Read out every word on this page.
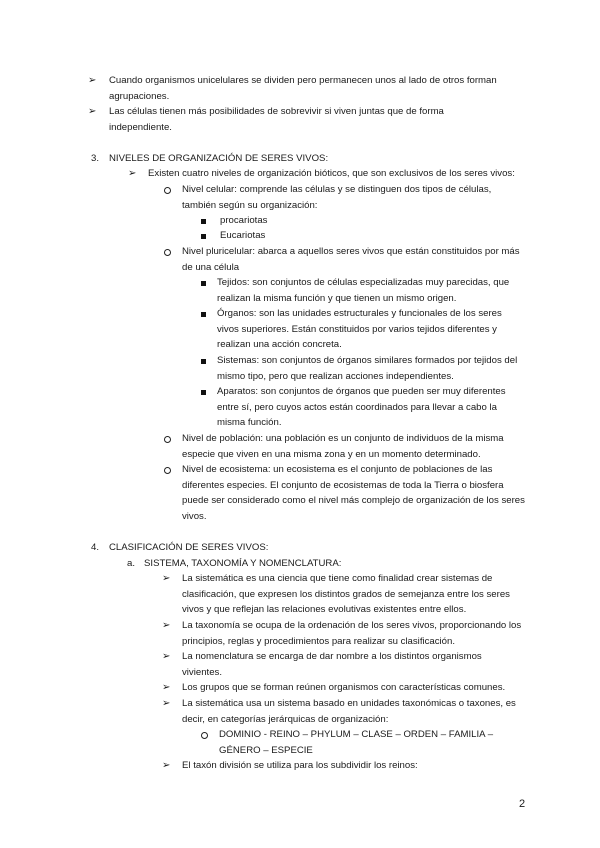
➢ Cuando organismos unicelulares se dividen pero permanecen unos al lado de otros forman agrupaciones.
➢ Las células tienen más posibilidades de sobrevivir si viven juntas que de forma independiente.
3. NIVELES DE ORGANIZACIÓN DE SERES VIVOS:
➢ Existen cuatro niveles de organización bióticos, que son exclusivos de los seres vivos:
Nivel celular: comprende las células y se distinguen dos tipos de células, también según su organización:
procariotas
Eucariotas
Nivel pluricelular: abarca a aquellos seres vivos que están constituidos por más de una célula
Tejidos: son conjuntos de células especializadas muy parecidas, que realizan la misma función y que tienen un mismo origen.
Órganos: son las unidades estructurales y funcionales de los seres vivos superiores. Están constituidos por varios tejidos diferentes y realizan una acción concreta.
Sistemas: son conjuntos de órganos similares formados por tejidos del mismo tipo, pero que realizan acciones independientes.
Aparatos: son conjuntos de órganos que pueden ser muy diferentes entre sí, pero cuyos actos están coordinados para llevar a cabo la misma función.
Nivel de población: una población es un conjunto de individuos de la misma especie que viven en una misma zona y en un momento determinado.
Nivel de ecosistema: un ecosistema es el conjunto de poblaciones de las diferentes especies. El conjunto de ecosistemas de toda la Tierra o biosfera puede ser considerado como el nivel más complejo de organización de los seres vivos.
4. CLASIFICACIÓN DE SERES VIVOS:
a. SISTEMA, TAXONOMÍA Y NOMENCLATURA:
➢ La sistemática es una ciencia que tiene como finalidad crear sistemas de clasificación, que expresen los distintos grados de semejanza entre los seres vivos y que reflejan las relaciones evolutivas existentes entre ellos.
➢ La taxonomía se ocupa de la ordenación de los seres vivos, proporcionando los principios, reglas y procedimientos para realizar su clasificación.
➢ La nomenclatura se encarga de dar nombre a los distintos organismos vivientes.
➢ Los grupos que se forman reúnen organismos con características comunes.
➢ La sistemática usa un sistema basado en unidades taxonómicas o taxones, es decir, en categorías jerárquicas de organización:
DOMINIO - REINO – PHYLUM – CLASE – ORDEN – FAMILIA – GÉNERO – ESPECIE
➢ El taxón división se utiliza para los subdividir los reinos:
2
